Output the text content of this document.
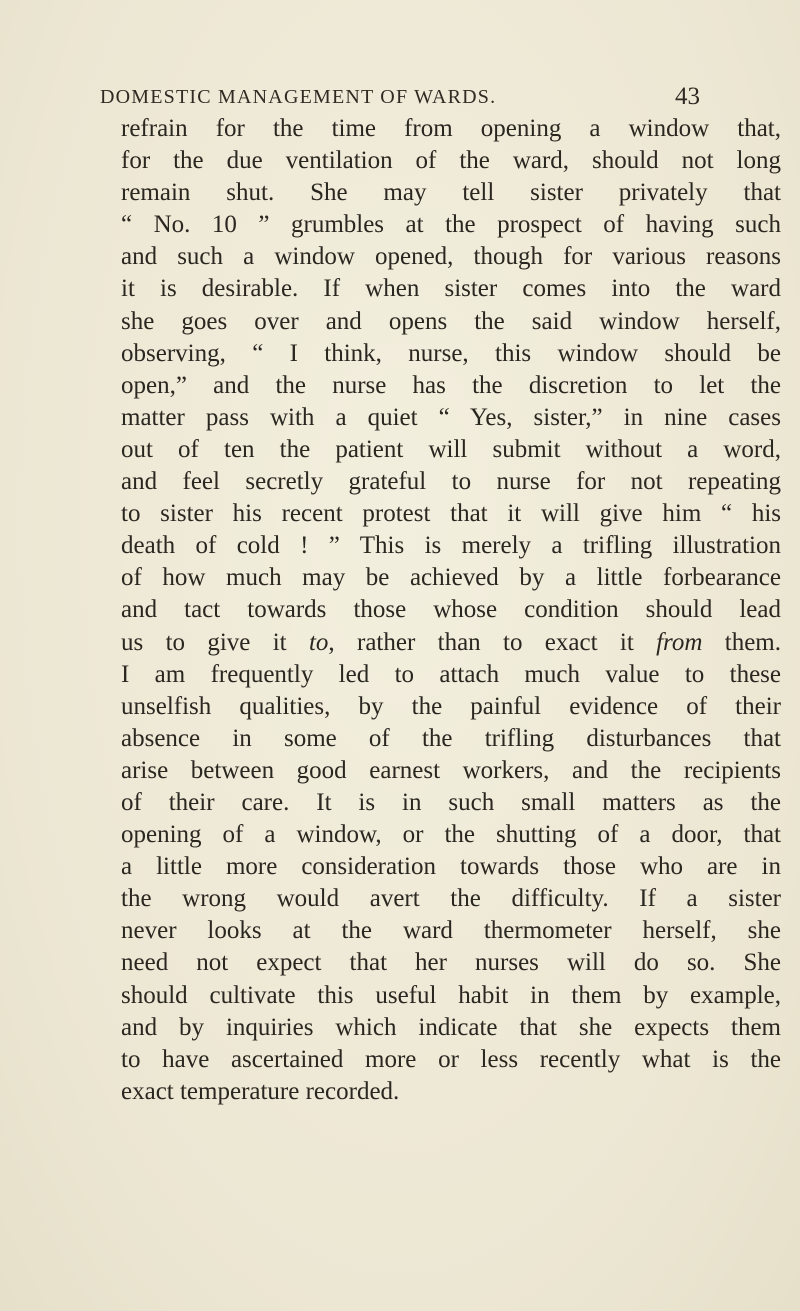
DOMESTIC MANAGEMENT OF WARDS.	43
refrain for the time from opening a window that,
for the due ventilation of the ward, should not long
remain shut. She may tell sister privately that
“ No. 10 ” grumbles at the prospect of having such
and such a window opened, though for various reasons
it is desirable. If when sister comes into the ward
she goes over and opens the said window herself,
observing, “ I think, nurse, this window should be
open,” and the nurse has the discretion to let the
matter pass with a quiet “ Yes, sister,” in nine cases
out of ten the patient will submit without a word,
and feel secretly grateful to nurse for not repeating
to sister his recent protest that it will give him “ his
death of cold ! ” This is merely a trifling illustration
of how much may be achieved by a little forbearance
and tact towards those whose condition should lead
us to give it to, rather than to exact it from them.
I am frequently led to attach much value to these
unselfish qualities, by the painful evidence of their
absence in some of the trifling disturbances that
arise between good earnest workers, and the recipients
of their care. It is in such small matters as the
opening of a window, or the shutting of a door, that
a little more consideration towards those who are in
the wrong would avert the difficulty. If a sister
never looks at the ward thermometer herself, she
need not expect that her nurses will do so. She
should cultivate this useful habit in them by example,
and by inquiries which indicate that she expects them
to have ascertained more or less recently what is the
exact temperature recorded.
